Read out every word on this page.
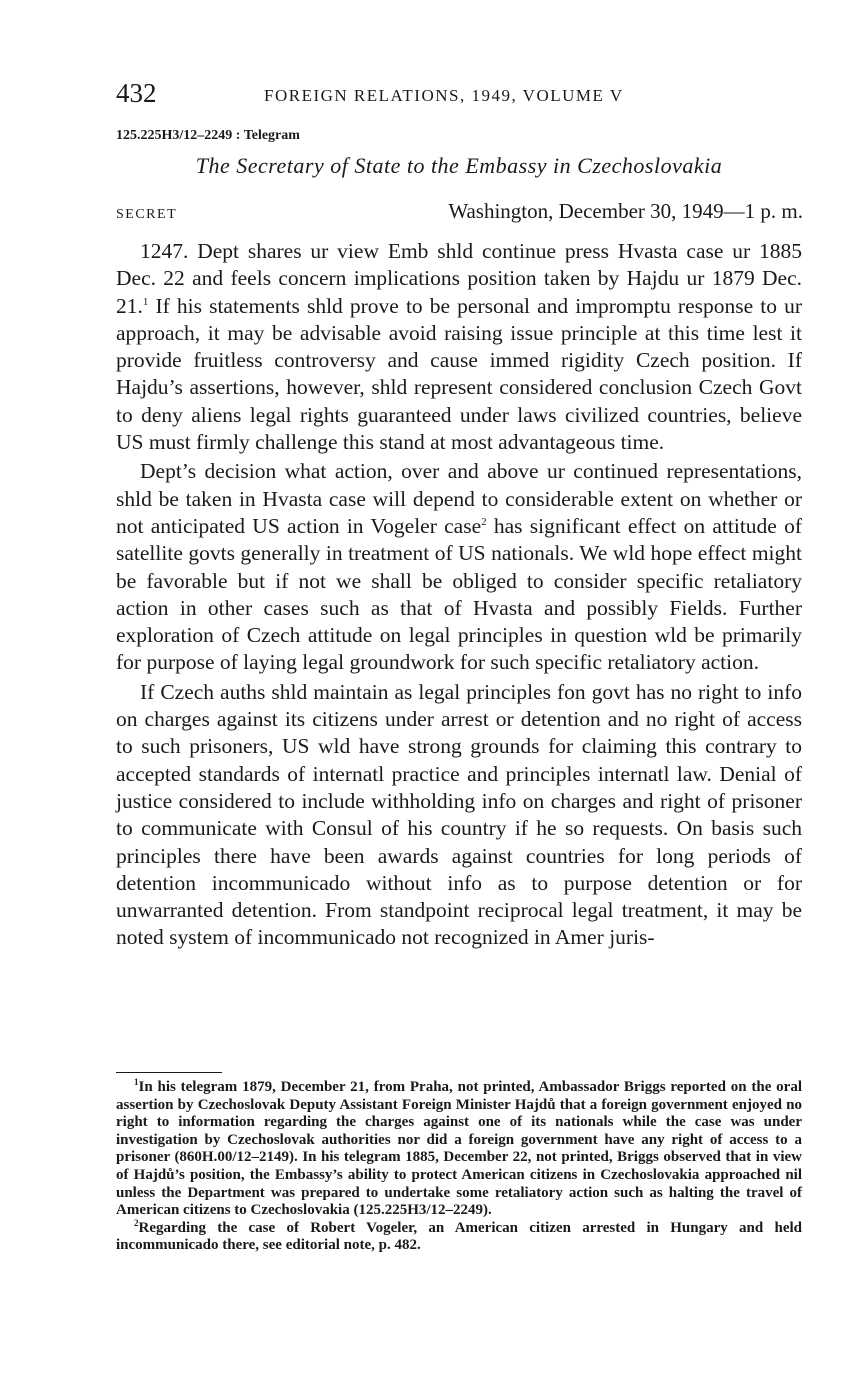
432	FOREIGN RELATIONS, 1949, VOLUME V
125.225H3/12–2249 : Telegram
The Secretary of State to the Embassy in Czechoslovakia
SECRET	Washington, December 30, 1949—1 p. m.

1247. Dept shares ur view Emb shld continue press Hvasta case ur 1885 Dec. 22 and feels concern implications position taken by Hajdu ur 1879 Dec. 21.$^1$ If his statements shld prove to be personal and impromptu response to ur approach, it may be advisable avoid raising issue principle at this time lest it provide fruitless controversy and cause immed rigidity Czech position. If Hajdu’s assertions, however, shld represent considered conclusion Czech Govt to deny aliens legal rights guaranteed under laws civilized countries, believe US must firmly challenge this stand at most advantageous time.

Dept’s decision what action, over and above ur continued representations, shld be taken in Hvasta case will depend to considerable extent on whether or not anticipated US action in Vogeler case$^2$ has significant effect on attitude of satellite govts generally in treatment of US nationals. We wld hope effect might be favorable but if not we shall be obliged to consider specific retaliatory action in other cases such as that of Hvasta and possibly Fields. Further exploration of Czech attitude on legal principles in question wld be primarily for purpose of laying legal groundwork for such specific retaliatory action.

If Czech auths shld maintain as legal principles fon govt has no right to info on charges against its citizens under arrest or detention and no right of access to such prisoners, US wld have strong grounds for claiming this contrary to accepted standards of internatl practice and principles internatl law. Denial of justice considered to include withholding info on charges and right of prisoner to communicate with Consul of his country if he so requests. On basis such principles there have been awards against countries for long periods of detention incommunicado without info as to purpose detention or for unwarranted detention. From standpoint reciprocal legal treatment, it may be noted system of incommunicado not recognized in Amer juris-

$^1$In his telegram 1879, December 21, from Praha, not printed, Ambassador Briggs reported on the oral assertion by Czechoslovak Deputy Assistant Foreign Minister Hajdů that a foreign government enjoyed no right to information regarding the charges against one of its nationals while the case was under investigation by Czechoslovak authorities nor did a foreign government have any right of access to a prisoner (860H.00/12–2149). In his telegram 1885, December 22, not printed, Briggs observed that in view of Hajdů’s position, the Embassy’s ability to protect American citizens in Czechoslovakia approached nil unless the Department was prepared to undertake some retaliatory action such as halting the travel of American citizens to Czechoslovakia (125.225H3/12–2249).

$^2$Regarding the case of Robert Vogeler, an American citizen arrested in Hungary and held incommunicado there, see editorial note, p. 482.
